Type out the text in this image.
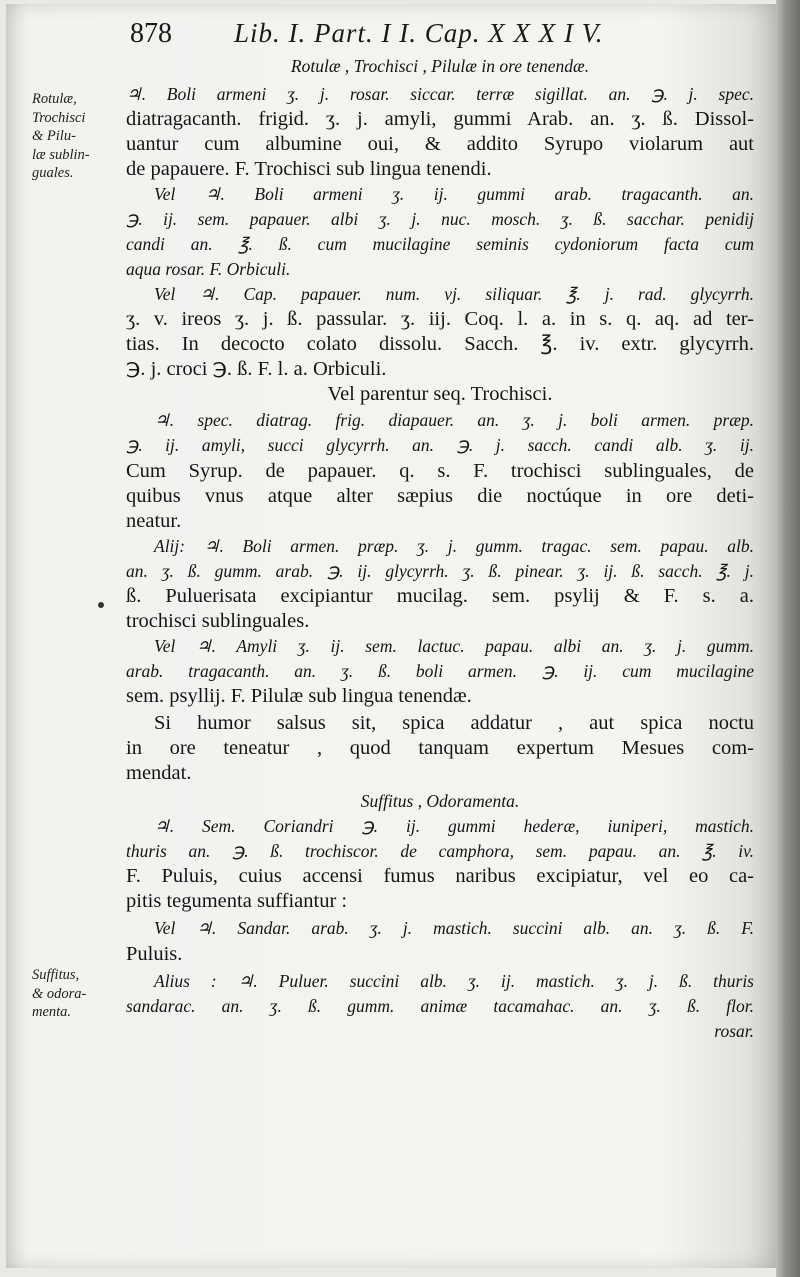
878 Lib. I. Part. I I. Cap. X X X I V.
Rotulæ,
Trochisci
& Pilu-
læ sublin-
guales.
Suffitus,
& odora-
menta.
Rotulæ , Trochisci , Pilulæ in ore tenendæ.
♃. Boli armeni ʒ. j. rosar. siccar. terræ sigillat. an. ℈. j. spec.
diatragacanth. frigid. ʒ. j. amyli, gummi Arab. an. ʒ. ß. Dissol-
uantur cum albumine oui, & addito Syrupo violarum aut
de papauere. F. Trochisci sub lingua tenendi.
Vel ♃. Boli armeni ʒ. ij. gummi arab. tragacanth. an.
℈. ij. sem. papauer. albi ʒ. j. nuc. mosch. ʒ. ß. sacchar. penidij
candi an. ℥. ß. cum mucilagine seminis cydoniorum facta cum
aqua rosar. F. Orbiculi.
Vel ♃. Cap. papauer. num. vj. siliquar. ℥. j. rad. glycyrrh.
ʒ. v. ireos ʒ. j. ß. passular. ʒ. iij. Coq. l. a. in s. q. aq. ad ter-
tias. In decocto colato dissolu. Sacch. ℥. iv. extr. glycyrrh.
℈. j. croci ℈. ß. F. l. a. Orbiculi.
Vel parentur seq. Trochisci.
♃. spec. diatrag. frig. diapauer. an. ʒ. j. boli armen. præp.
℈. ij. amyli, succi glycyrrh. an. ℈. j. sacch. candi alb. ʒ. ij.
Cum Syrup. de papauer. q. s. F. trochisci sublinguales, de
quibus vnus atque alter sæpius die noctúque in ore deti-
neatur.
Alij: ♃. Boli armen. præp. ʒ. j. gumm. tragac. sem. papau. alb.
an. ʒ. ß. gumm. arab. ℈. ij. glycyrrh. ʒ. ß. pinear. ʒ. ij. ß. sacch. ℥. j.
ß. Puluerisata excipiantur mucilag. sem. psylij & F. s. a.
trochisci sublinguales.
Vel ♃. Amyli ʒ. ij. sem. lactuc. papau. albi an. ʒ. j. gumm.
arab. tragacanth. an. ʒ. ß. boli armen. ℈. ij. cum mucilagine
sem. psyllij. F. Pilulæ sub lingua tenendæ.
Si humor salsus sit, spica addatur , aut spica noctu
in ore teneatur , quod tanquam expertum Mesues com-
mendat.
Suffitus , Odoramenta.
♃. Sem. Coriandri ℈. ij. gummi hederæ, iuniperi, mastich.
thuris an. ℈. ß. trochiscor. de camphora, sem. papau. an. ℥. iv.
F. Puluis, cuius accensi fumus naribus excipiatur, vel eo ca-
pitis tegumenta suffiantur :
Vel ♃. Sandar. arab. ʒ. j. mastich. succini alb. an. ʒ. ß. F.
Puluis.
Alius : ♃. Puluer. succini alb. ʒ. ij. mastich. ʒ. j. ß. thuris
sandarac. an. ʒ. ß. gumm. animæ tacamahac. an. ʒ. ß. flor.
rosar.
